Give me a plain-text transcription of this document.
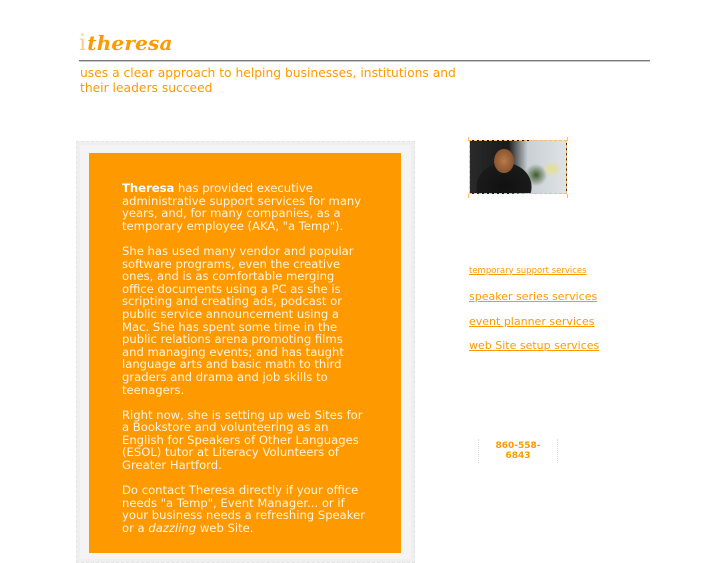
itheresa
uses a clear approach to helping businesses, institutions and their leaders succeed

Theresa has provided executive administrative support services for many years, and, for many companies, as a temporary employee (AKA, "a Temp").

She has used many vendor and popular software programs, even the creative ones, and is as comfortable merging office documents using a PC as she is scripting and creating ads, podcast or public service announcement using a Mac. She has spent some time in the public relations arena promoting films and managing events; and has taught language arts and basic math to third graders and drama and job skills to teenagers.

Right now, she is setting up web Sites for a Bookstore and volunteering as an English for Speakers of Other Languages (ESOL) tutor at Literacy Volunteers of Greater Hartford.

Do contact Theresa directly if your office needs "a Temp", Event Manager... or if your business needs a refreshing Speaker or a dazzling web Site.

temporary support services
speaker series services
event planner services
web Site setup services
860-558-
6843
